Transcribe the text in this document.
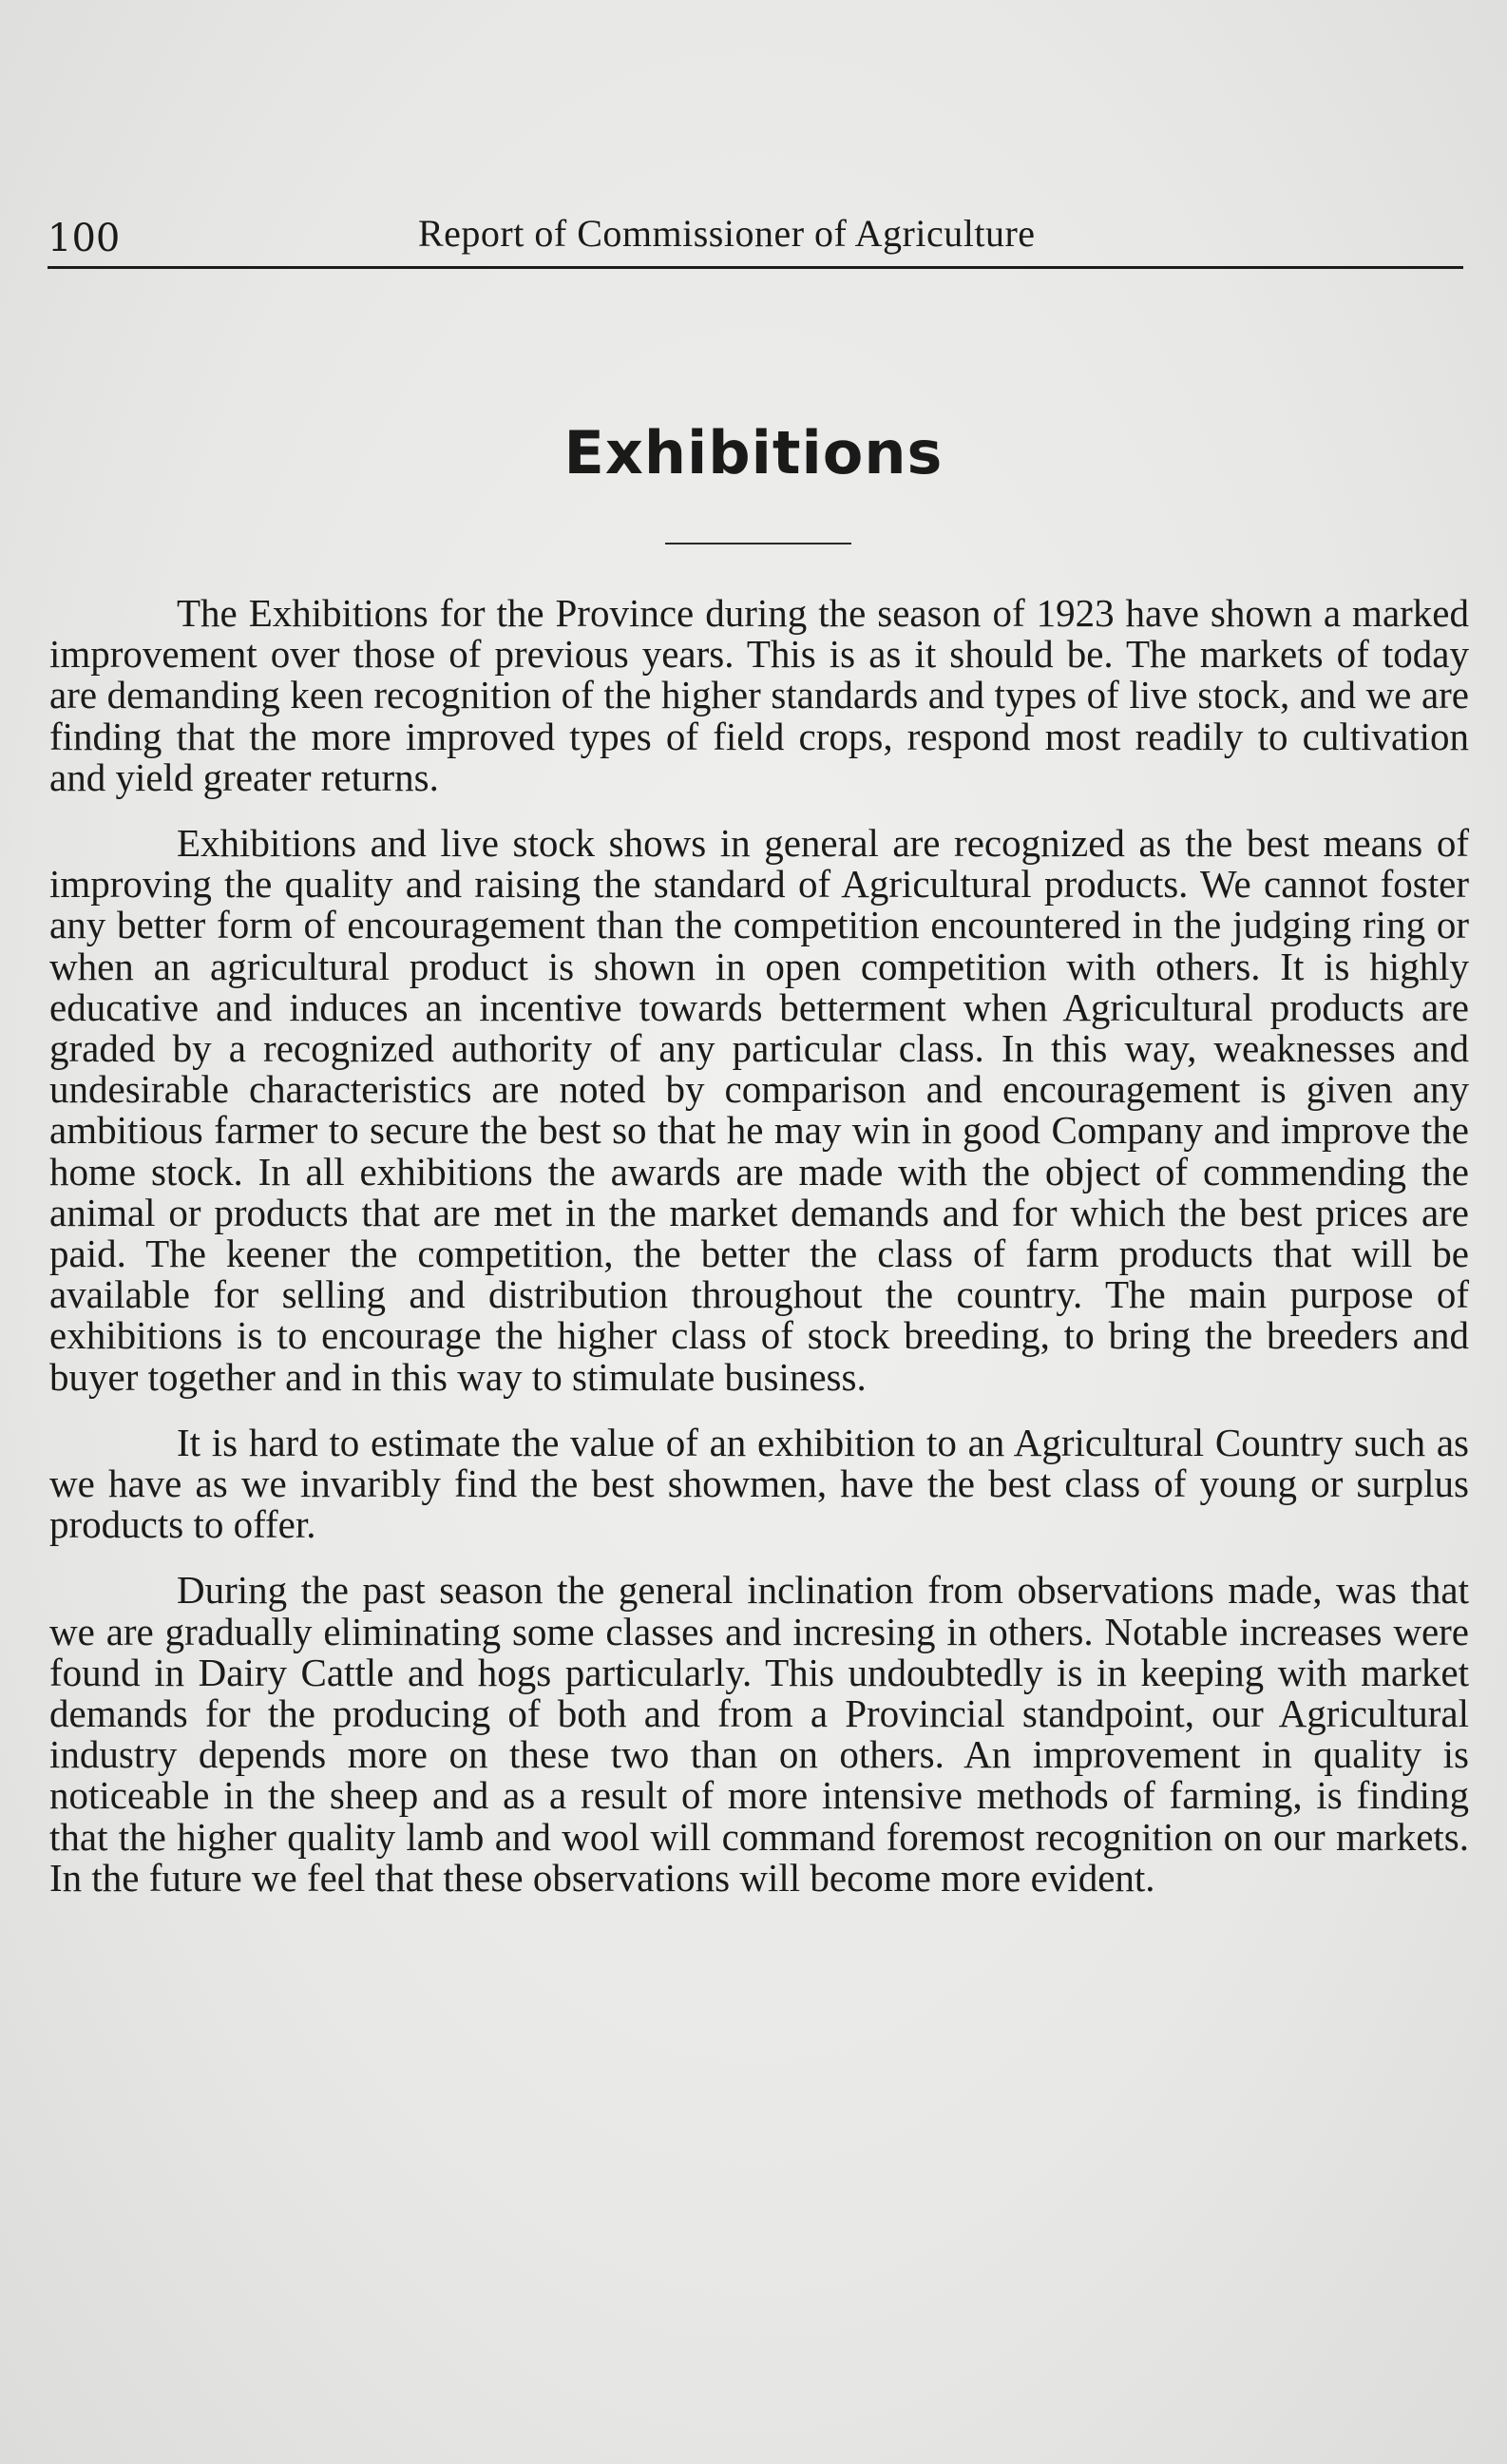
100	Report of Commissioner of Agriculture
Exhibitions

The Exhibitions for the Province during the season of 1923 have shown a marked improvement over those of previous years. This is as it should be. The markets of today are demanding keen recognition of the higher standards and types of live stock, and we are finding that the more improved types of field crops, respond most readily to cultivation and yield greater returns.

Exhibitions and live stock shows in general are recognized as the best means of improving the quality and raising the standard of Agricultural products. We cannot foster any better form of encouragement than the competition encountered in the judging ring or when an agricultural product is shown in open competition with others. It is highly educative and induces an incentive towards betterment when Agricultural products are graded by a recognized authority of any particular class. In this way, weaknesses and undesirable characteristics are noted by comparison and encouragement is given any ambitious farmer to secure the best so that he may win in good Company and improve the home stock. In all exhibitions the awards are made with the object of commending the animal or products that are met in the market demands and for which the best prices are paid. The keener the competition, the better the class of farm products that will be available for selling and distribution throughout the country. The main purpose of exhibitions is to encourage the higher class of stock breeding, to bring the breeders and buyer together and in this way to stimulate business.

It is hard to estimate the value of an exhibition to an Agricultural Country such as we have as we invaribly find the best showmen, have the best class of young or surplus products to offer.

During the past season the general inclination from observations made, was that we are gradually eliminating some classes and incresing in others. Notable increases were found in Dairy Cattle and hogs particularly. This undoubtedly is in keeping with market demands for the producing of both and from a Provincial standpoint, our Agricultural industry depends more on these two than on others. An improvement in quality is noticeable in the sheep and as a result of more intensive methods of farming, is finding that the higher quality lamb and wool will command foremost recognition on our markets. In the future we feel that these observations will become more evident.
